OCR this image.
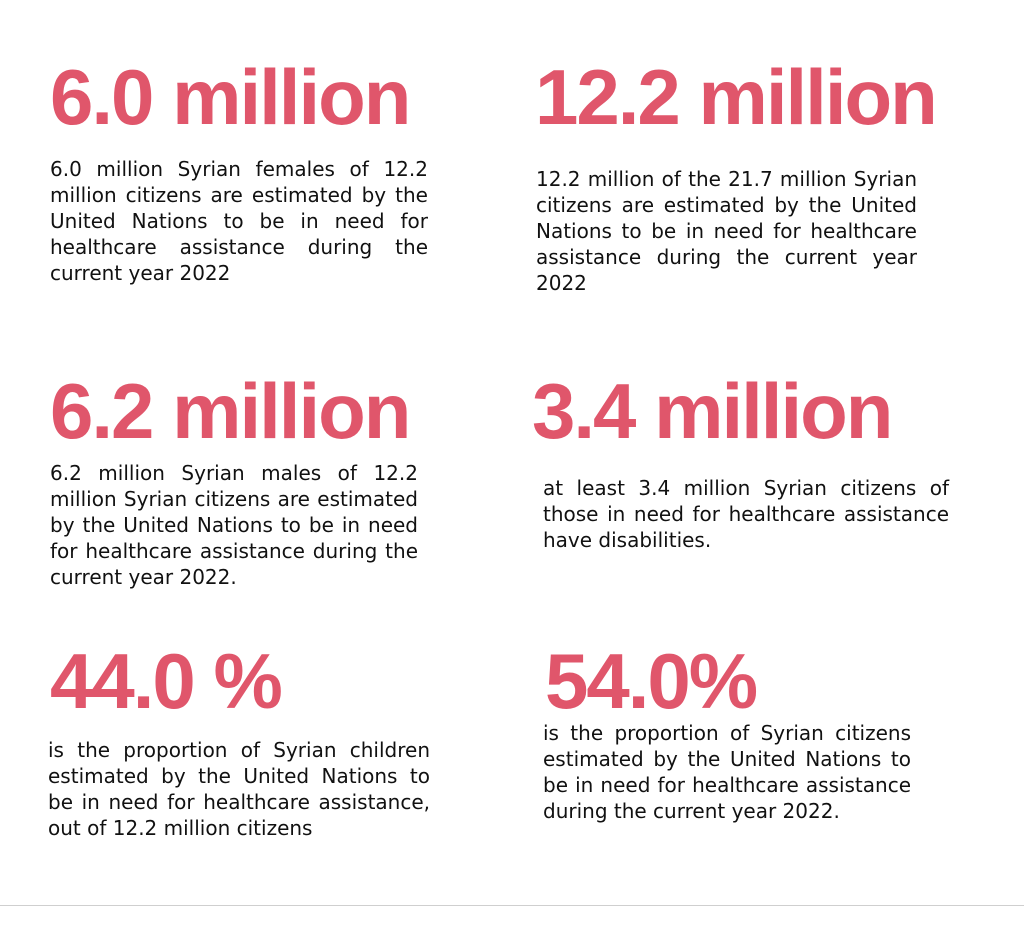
6.0 million
6.0 million Syrian females of 12.2 million citizens are estimated by the United Nations to be in need for healthcare assistance during the current year 2022
12.2 million
12.2 million of the 21.7 million Syrian citizens are estimated by the United Nations to be in need for healthcare assistance during the current year 2022
6.2 million
6.2 million Syrian males of 12.2 million Syrian citizens are estimated by the United Nations to be in need for healthcare assistance during the current year 2022.
3.4 million
at least 3.4 million Syrian citizens of those in need for healthcare assistance have disabilities.
44.0 %
is the proportion of Syrian children estimated by the United Nations to be in need for healthcare assistance, out of 12.2 million citizens
54.0%
is the proportion of Syrian citizens estimated by the United Nations to be in need for healthcare assistance during the current year 2022.
